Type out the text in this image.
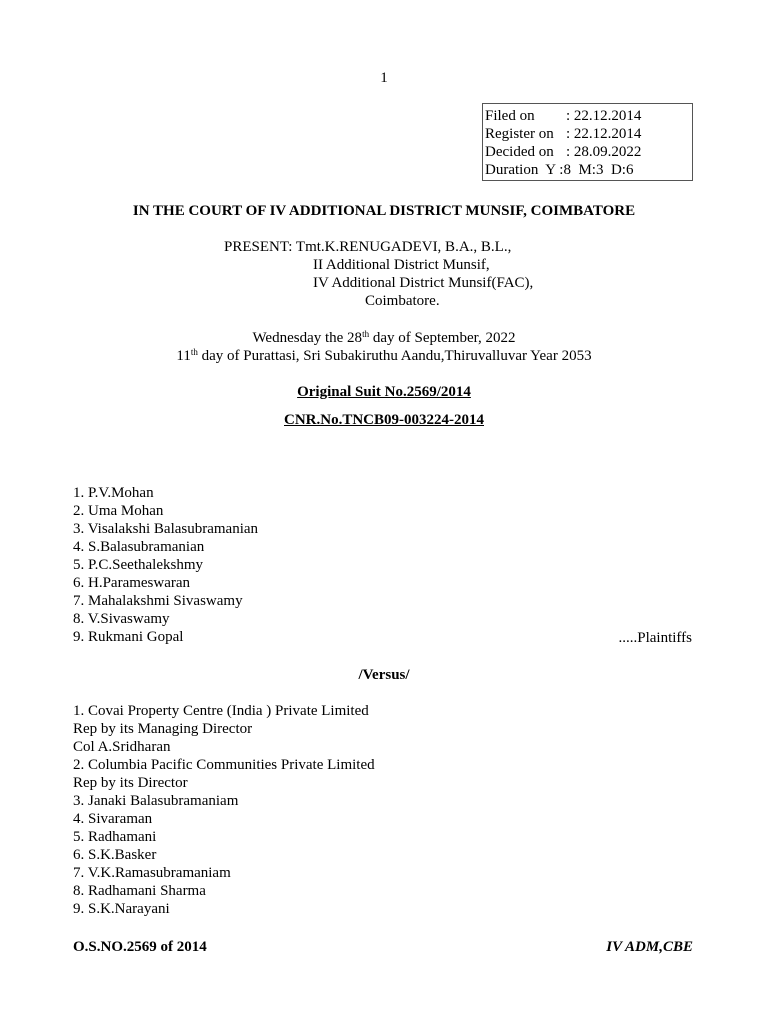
1
Filed on	: 22.12.2014
Register on : 22.12.2014
Decided on : 28.09.2022
Duration  Y :8  M:3  D:6
IN THE COURT OF IV ADDITIONAL DISTRICT MUNSIF, COIMBATORE
PRESENT: Tmt.K.RENUGADEVI, B.A., B.L.,
II Additional District Munsif,
IV Additional District Munsif(FAC),
Coimbatore.
Wednesday the 28th day of September, 2022
11th day of Purattasi, Sri Subakiruthu Aandu,Thiruvalluvar Year 2053
Original Suit No.2569/2014
CNR.No.TNCB09-003224-2014
1. P.V.Mohan
2. Uma Mohan
3. Visalakshi Balasubramanian
4. S.Balasubramanian
5. P.C.Seethalekshmy
6. H.Parameswaran
7. Mahalakshmi Sivaswamy
8. V.Sivaswamy
9. Rukmani Gopal	.....Plaintiffs
/Versus/
1. Covai Property Centre (India ) Private Limited
Rep by its Managing Director
Col A.Sridharan
2. Columbia Pacific Communities Private Limited
Rep by its Director
3. Janaki Balasubramaniam
4. Sivaraman
5. Radhamani
6. S.K.Basker
7. V.K.Ramasubramaniam
8. Radhamani Sharma
9. S.K.Narayani
O.S.NO.2569 of 2014	IV ADM,CBE
